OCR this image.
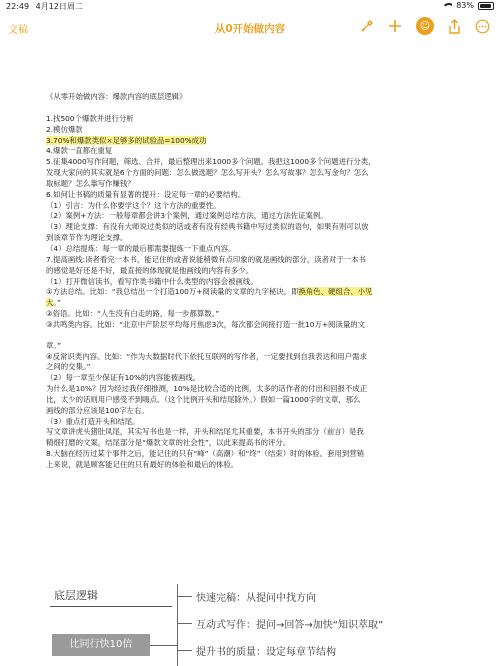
22:49 4月12日周二	83%
文稿	从0开始做内容	☺

《从零开始做内容：爆款内容的底层逻辑》

1.找500个爆款并进行分析

2.模仿爆款

3.70%和爆款类似×足够多的试验品=100%成功

4.爆款一直都在重复

5.征集4000写作问题，筛选、合并，最后整理出来1000多个问题。我把这1000多个问题进行分类，

发现大家问的其实就是6个方面的问题：怎么做选题？怎么写开头？怎么写故事？怎么写金句？怎么

取标题？怎么靠写作赚钱？

6.如何让书稿的质量有显著的提升：设定每一章的必要结构。

（1）引言：为什么你要学这个？这个方法的重要性。

（2）案例+方法：一般每章都会讲3个案例，通过案例总结方法，通过方法佐证案例。

（3）理论支撑：有没有大师说过类似的话或者有没有经典书籍中写过类似的语句，如果有则可以放

到该章节作为理论支撑。

（4）总结提炼：每一章的最后都需要提炼一下重点内容。

7.提高画线:读者看完一本书，能记住的或者说能稍微有点印象的就是画线的部分，读者对于一本书

的感觉是好还是不好，最直接的体现就是他画线的内容有多少。

（1）打开微信读书，看写作类书籍中什么类型的内容会被画线。

①方法总结。比如：“我总结出一个打造100万+阅读量的文章的九字秘诀，即换角色、硬组合、小见

大。”

②俗语。比如：“人生没有白走的路，每一步都算数。”

③共鸣类内容。比如：“北京中产阶层平均每月焦虑3次，每次都会间接打造一批10万+阅读量的文

章。”

④反常识类内容。比如：“作为大数据时代下依托互联网的写作者，一定要找到自我表达和用户需求

之间的交集。”

（2）每一章至少保证有10%的内容能被画线。

为什么是10%？因为经过我仔细推测，10%是比较合适的比例，太多的话作者的付出和回报不成正

比，太少的话则用户感受不到嗨点。（这个比例开头和结尾除外。）假如一篇1000字的文章，那么

画线的部分应该是100字左右。

（3）重点打造开头和结尾。

写文章讲虎头猪肚凤尾，其实写书也是一样，开头和结尾尤其重要，本书开头的部分（前言）是我

精细打磨的文案，结尾部分是“爆款文章的社会性”，以此来提高书的评分。

8.大脑在经历过某个事件之后，能记住的只有“峰”（高潮）和“终”（结束）时的体验。套用到营销

上来说，就是顾客能记住的只有最好的体验和最后的体验。

底层逻辑	快速完稿：从提问中找方向
互动式写作：提问→回答→加快“知识萃取”
提升书的质量：设定每章节结构
比同行快10倍
